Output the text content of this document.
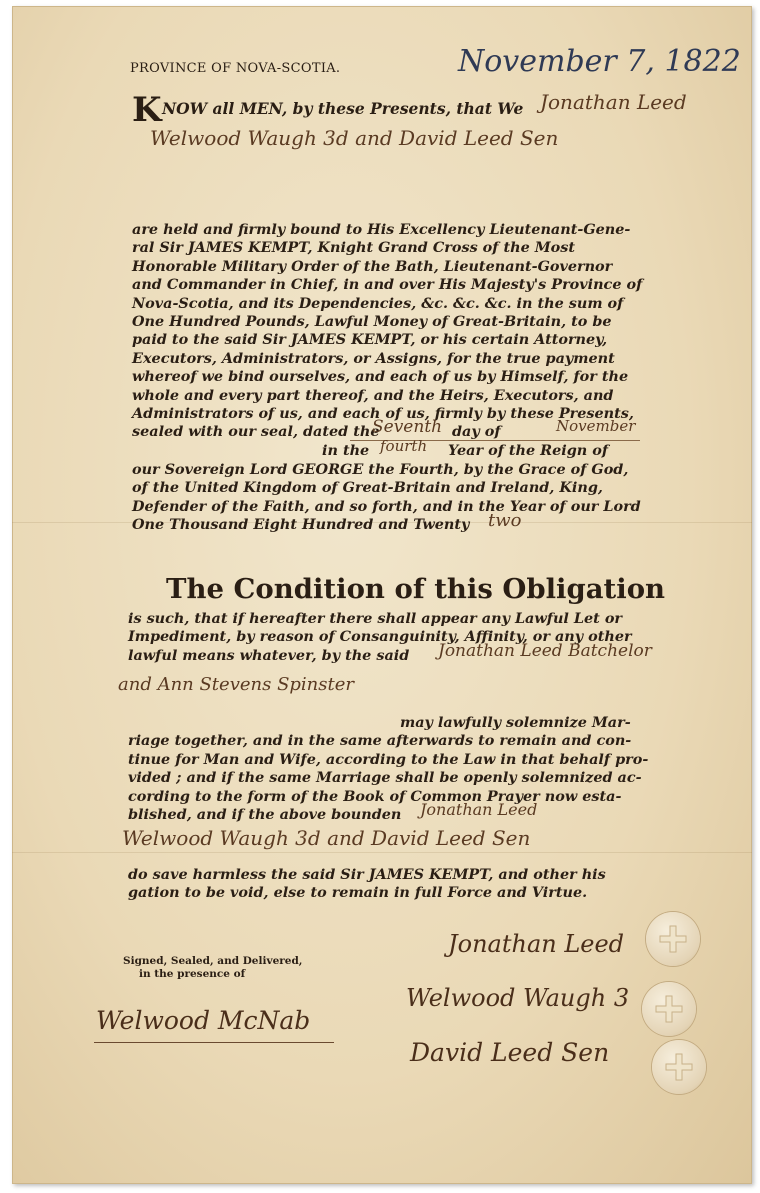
PROVINCE OF NOVA-SCOTIA.	November 7, 1822

K NOW all MEN, by these Presents, that We Jonathan Leed

Welwood Waugh 3d and David Leed Sen

are held and firmly bound to His Excellency Lieutenant-Gene-
ral Sir JAMES KEMPT, Knight Grand Cross of the Most
Honorable Military Order of the Bath, Lieutenant-Governor
and Commander in Chief, in and over His Majesty's Province of
Nova-Scotia, and its Dependencies, &c. &c. &c. in the sum of
One Hundred Pounds, Lawful Money of Great-Britain, to be
paid to the said Sir JAMES KEMPT, or his certain Attorney,
Executors, Administrators, or Assigns, for the true payment
whereof we bind ourselves, and each of us by Himself, for the
whole and every part thereof, and the Heirs, Executors, and
Administrators of us, and each of us, firmly by these Presents,

sealed with our seal, dated the

Seventh day of	November

in the fourth Year of the Reign of

our Sovereign Lord GEORGE the Fourth, by the Grace of God,
of the United Kingdom of Great-Britain and Ireland, King,
Defender of the Faith, and so forth, and in the Year of our Lord

One Thousand Eight Hundred and Twenty two

The Condition of this Obligation

is such, that if hereafter there shall appear any Lawful Let or
Impediment, by reason of Consanguinity, Affinity, or any other

lawful means whatever, by the said Jonathan Leed Batchelor

and Ann Stevens Spinster

may lawfully solemnize Mar-
riage together, and in the same afterwards to remain and con-
tinue for Man and Wife, according to the Law in that behalf pro-
vided ; and if the same Marriage shall be openly solemnized ac-
cording to the form of the Book of Common Prayer now esta-

blished, and if the above bounden Jonathan Leed

Welwood Waugh 3d and David Leed Sen

do save harmless the said Sir JAMES KEMPT, and other his
gation to be void, else to remain in full Force and Virtue.

Signed, Sealed, and Delivered,
in the presence of

Welwood McNab

Jonathan Leed

Welwood Waugh 3

David Leed Sen
